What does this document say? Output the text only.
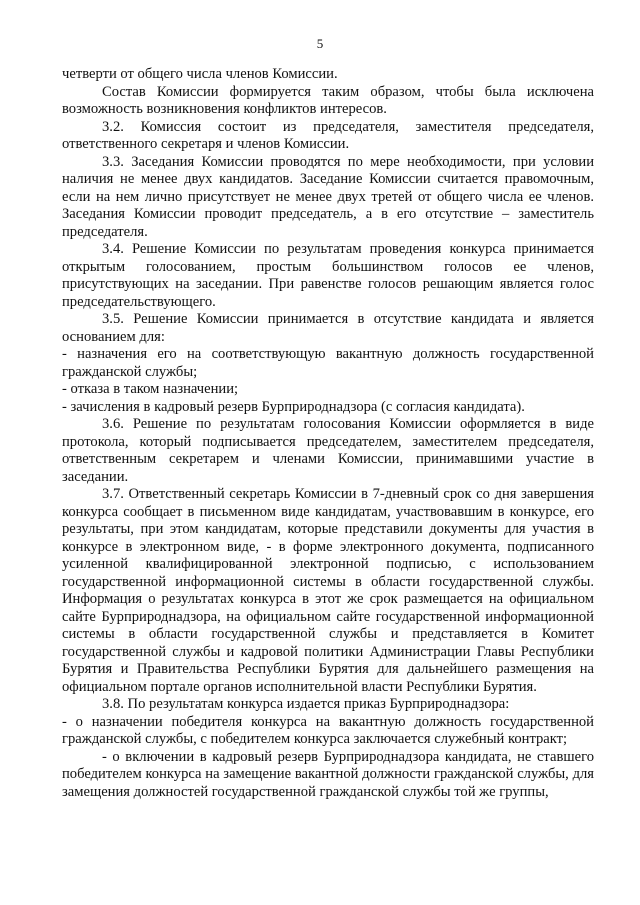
5

четверти от общего числа членов Комиссии.

Состав Комиссии формируется таким образом, чтобы была исключена возможность возникновения конфликтов интересов.

3.2. Комиссия состоит из председателя, заместителя председателя, ответственного секретаря и членов Комиссии.

3.3. Заседания Комиссии проводятся по мере необходимости, при условии наличия не менее двух кандидатов. Заседание Комиссии считается правомочным, если на нем лично присутствует не менее двух третей от общего числа ее членов. Заседания Комиссии проводит председатель, а в его отсутствие – заместитель председателя.

3.4. Решение Комиссии по результатам проведения конкурса принимается открытым голосованием, простым большинством голосов ее членов, присутствующих на заседании. При равенстве голосов решающим является голос председательствующего.

3.5. Решение Комиссии принимается в отсутствие кандидата и является основанием для:

- назначения его на соответствующую вакантную должность государственной гражданской службы;

- отказа в таком назначении;

- зачисления в кадровый резерв Бурприроднадзора (с согласия кандидата).

3.6. Решение по результатам голосования Комиссии оформляется в виде протокола, который подписывается председателем, заместителем председателя, ответственным секретарем и членами Комиссии, принимавшими участие в заседании.

3.7. Ответственный секретарь Комиссии в 7-дневный срок со дня завершения конкурса сообщает в письменном виде кандидатам, участвовавшим в конкурсе, его результаты, при этом кандидатам, которые представили документы для участия в конкурсе в электронном виде, - в форме электронного документа, подписанного усиленной квалифицированной электронной подписью, с использованием государственной информационной системы в области государственной службы. Информация о результатах конкурса в этот же срок размещается на официальном сайте Бурприроднадзора, на официальном сайте государственной информационной системы в области государственной службы и представляется в Комитет государственной службы и кадровой политики Администрации Главы Республики Бурятия и Правительства Республики Бурятия для дальнейшего размещения на официальном портале органов исполнительной власти Республики Бурятия.

3.8. По результатам конкурса издается приказ Бурприроднадзора:

- о назначении победителя конкурса на вакантную должность государственной гражданской службы, с победителем конкурса заключается служебный контракт;

- о включении в кадровый резерв Бурприроднадзора кандидата, не ставшего победителем конкурса на замещение вакантной должности гражданской службы, для замещения должностей государственной гражданской службы той же группы,
